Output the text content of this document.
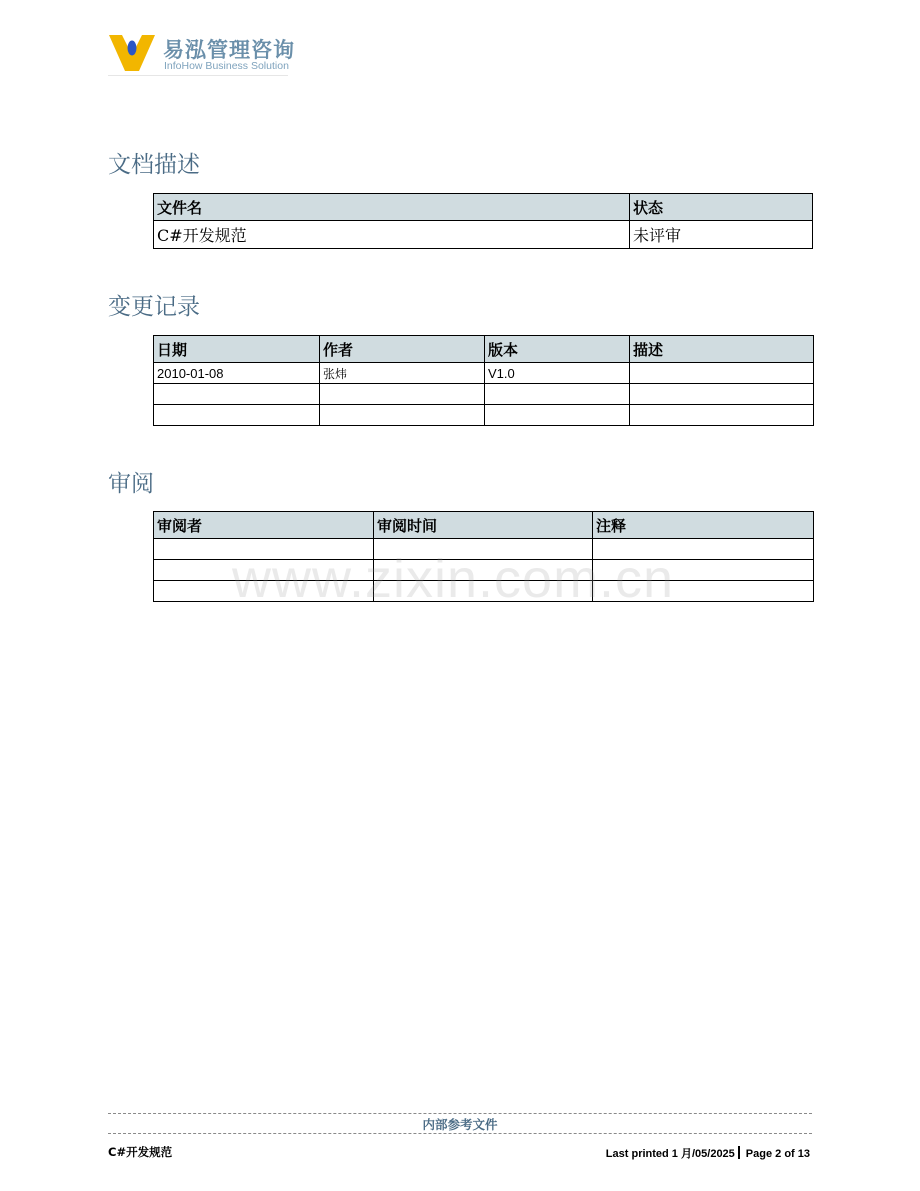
易泓管理咨询
InfoHow Business Solution
文档描述
文件名	状态
C#开发规范	未评审
变更记录
日期	作者	版本	描述
2010-01-08	张炜	V1.0	

审阅
审阅者	审阅时间	注释

www.zixin.com.cn
内部参考文件
C#开发规范	Last printed 1 月/05/2025 Page 2 of 13
